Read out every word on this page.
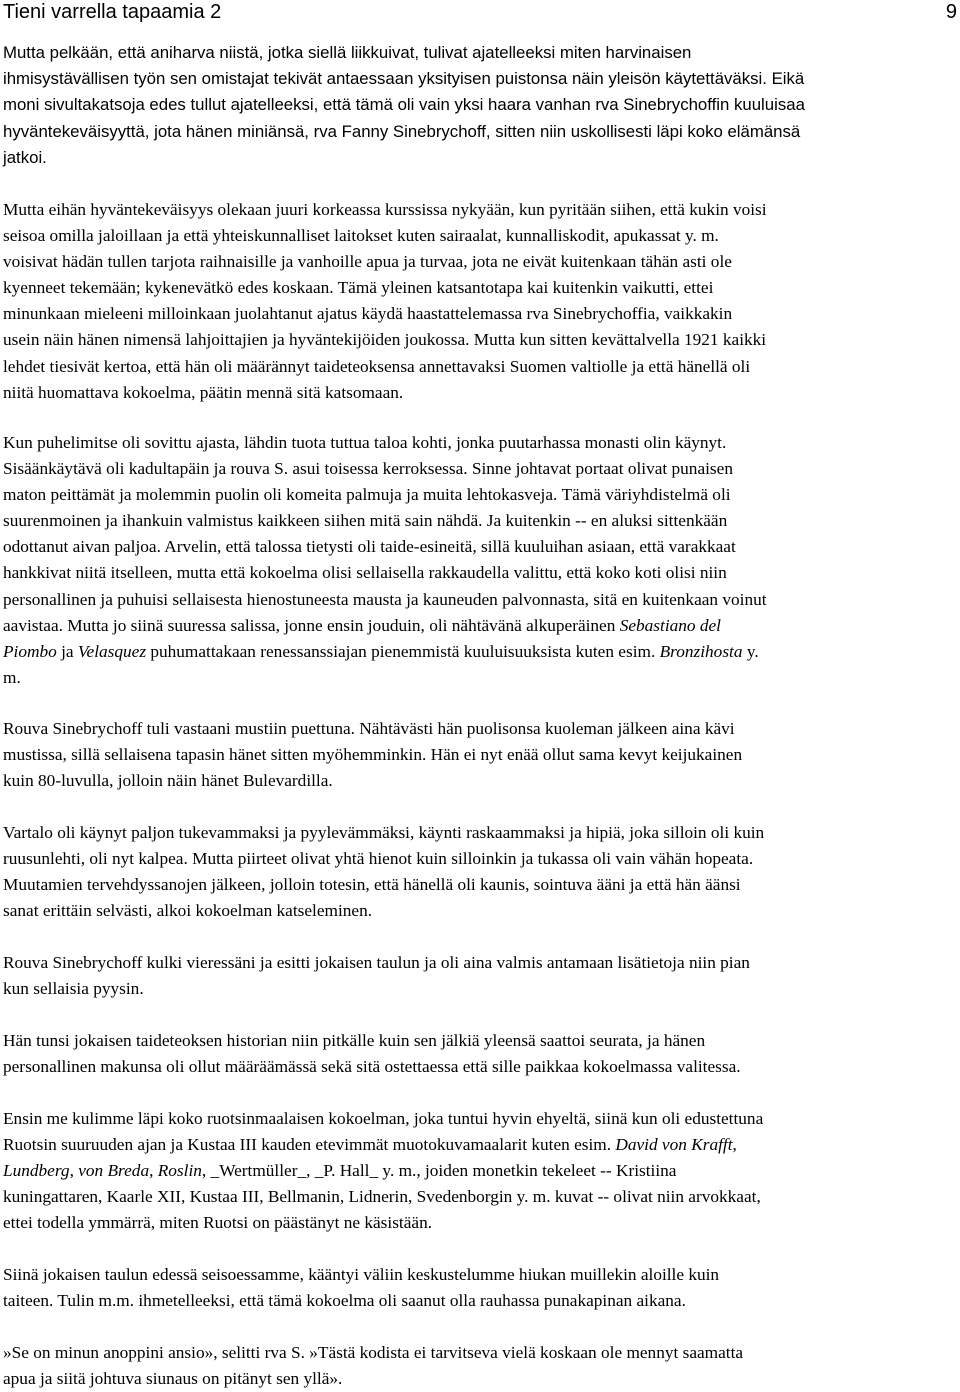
Tieni varrella tapaamia 2	9
Mutta pelkään, että aniharva niistä, jotka siellä liikkuivat, tulivat ajatelleeksi miten harvinaisen
ihmisystävällisen työn sen omistajat tekivät antaessaan yksityisen puistonsa näin yleisön käytettäväksi. Eikä
moni sivultakatsoja edes tullut ajatelleeksi, että tämä oli vain yksi haara vanhan rva Sinebrychoffin kuuluisaa
hyväntekeväisyyttä, jota hänen miniänsä, rva Fanny Sinebrychoff, sitten niin uskollisesti läpi koko elämänsä
jatkoi.
Mutta eihän hyväntekeväisyys olekaan juuri korkeassa kurssissa nykyään, kun pyritään siihen, että kukin voisi
seisoa omilla jaloillaan ja että yhteiskunnalliset laitokset kuten sairaalat, kunnalliskodit, apukassat y. m.
voisivat hädän tullen tarjota raihnaisille ja vanhoille apua ja turvaa, jota ne eivät kuitenkaan tähän asti ole
kyenneet tekemään; kykenevätkö edes koskaan. Tämä yleinen katsantotapa kai kuitenkin vaikutti, ettei
minunkaan mieleeni milloinkaan juolahtanut ajatus käydä haastattelemassa rva Sinebrychoffia, vaikkakin
usein näin hänen nimensä lahjoittajien ja hyväntekijöiden joukossa. Mutta kun sitten kevättalvella 1921 kaikki
lehdet tiesivät kertoa, että hän oli määrännyt taideteoksensa annettavaksi Suomen valtiolle ja että hänellä oli
niitä huomattava kokoelma, päätin mennä sitä katsomaan.
Kun puhelimitse oli sovittu ajasta, lähdin tuota tuttua taloa kohti, jonka puutarhassa monasti olin käynyt.
Sisäänkäytävä oli kadultapäin ja rouva S. asui toisessa kerroksessa. Sinne johtavat portaat olivat punaisen
maton peittämät ja molemmin puolin oli komeita palmuja ja muita lehtokasvejа. Tämä väriyhdistelmä oli
suurenmoinen ja ihankuin valmistus kaikkeen siihen mitä sain nähdä. Ja kuitenkin -- en aluksi sittenkään
odottanut aivan paljoa. Arvelin, että talossa tietysti oli taide-esineitä, sillä kuuluihan asiaan, että varakkaat
hankkivat niitä itselleen, mutta että kokoelma olisi sellaisella rakkaudella valittu, että koko koti olisi niin
personallinen ja puhuisi sellaisesta hienostuneesta mausta ja kauneuden palvonnasta, sitä en kuitenkaan voinut
aavistaa. Mutta jo siinä suuressa salissa, jonne ensin jouduin, oli nähtävänä alkuperäinen Sebastiano del
Piombo ja Velasquez puhumattakaan renessanssiajan pienemmistä kuuluisuuksista kuten esim. Bronzihosta y.
m.
Rouva Sinebrychoff tuli vastaani mustiin puettuna. Nähtävästi hän puolisonsa kuoleman jälkeen aina kävi
mustissa, sillä sellaisena tapasin hänet sitten myöhemminkin. Hän ei nyt enää ollut sama kevyt keijukainen
kuin 80-luvulla, jolloin näin hänet Bulevardilla.
Vartalo oli käynyt paljon tukevammaksi ja pyylevämmäksi, käynti raskaammaksi ja hipiä, joka silloin oli kuin
ruusunlehti, oli nyt kalpea. Mutta piirteet olivat yhtä hienot kuin silloinkin ja tukassa oli vain vähän hopeata.
Muutamien tervehdyssanojen jälkeen, jolloin totesin, että hänellä oli kaunis, sointuva ääni ja että hän äänsi
sanat erittäin selvästi, alkoi kokoelman katseleminen.
Rouva Sinebrychoff kulki vieressäni ja esitti jokaisen taulun ja oli aina valmis antamaan lisätietoja niin pian
kun sellaisia pyysin.
Hän tunsi jokaisen taideteoksen historian niin pitkälle kuin sen jälkiä yleensä saattoi seurata, ja hänen
personallinen makunsa oli ollut määräämässä sekä sitä ostettaessa että sille paikkaa kokoelmassa valitessa.
Ensin me kulimme läpi koko ruotsinmaalaisen kokoelman, joka tuntui hyvin ehyeltä, siinä kun oli edustettuna
Ruotsin suuruuden ajan ja Kustaa III kauden etevimmät muotokuvamaalarit kuten esim. David von Krafft,
Lundberg, von Breda, Roslin, _Wertmüller_, _P. Hall_ y. m., joiden monetkin tekeleet -- Kristiina
kuningattaren, Kaarle XII, Kustaa III, Bellmanin, Lidnerin, Svedenborgin y. m. kuvat -- olivat niin arvokkaat,
ettei todella ymmärrä, miten Ruotsi on päästänyt ne käsistään.
Siinä jokaisen taulun edessä seisoessamme, kääntyi väliin keskustelumme hiukan muillekin aloille kuin
taiteen. Tulin m.m. ihmetelleeksi, että tämä kokoelma oli saanut olla rauhassa punakapinan aikana.
»Se on minun anoppini ansio», selitti rva S. »Tästä kodista ei tarvitseva vielä koskaan ole mennyt saamatta
apua ja siitä johtuva siunaus on pitänyt sen yllä».
